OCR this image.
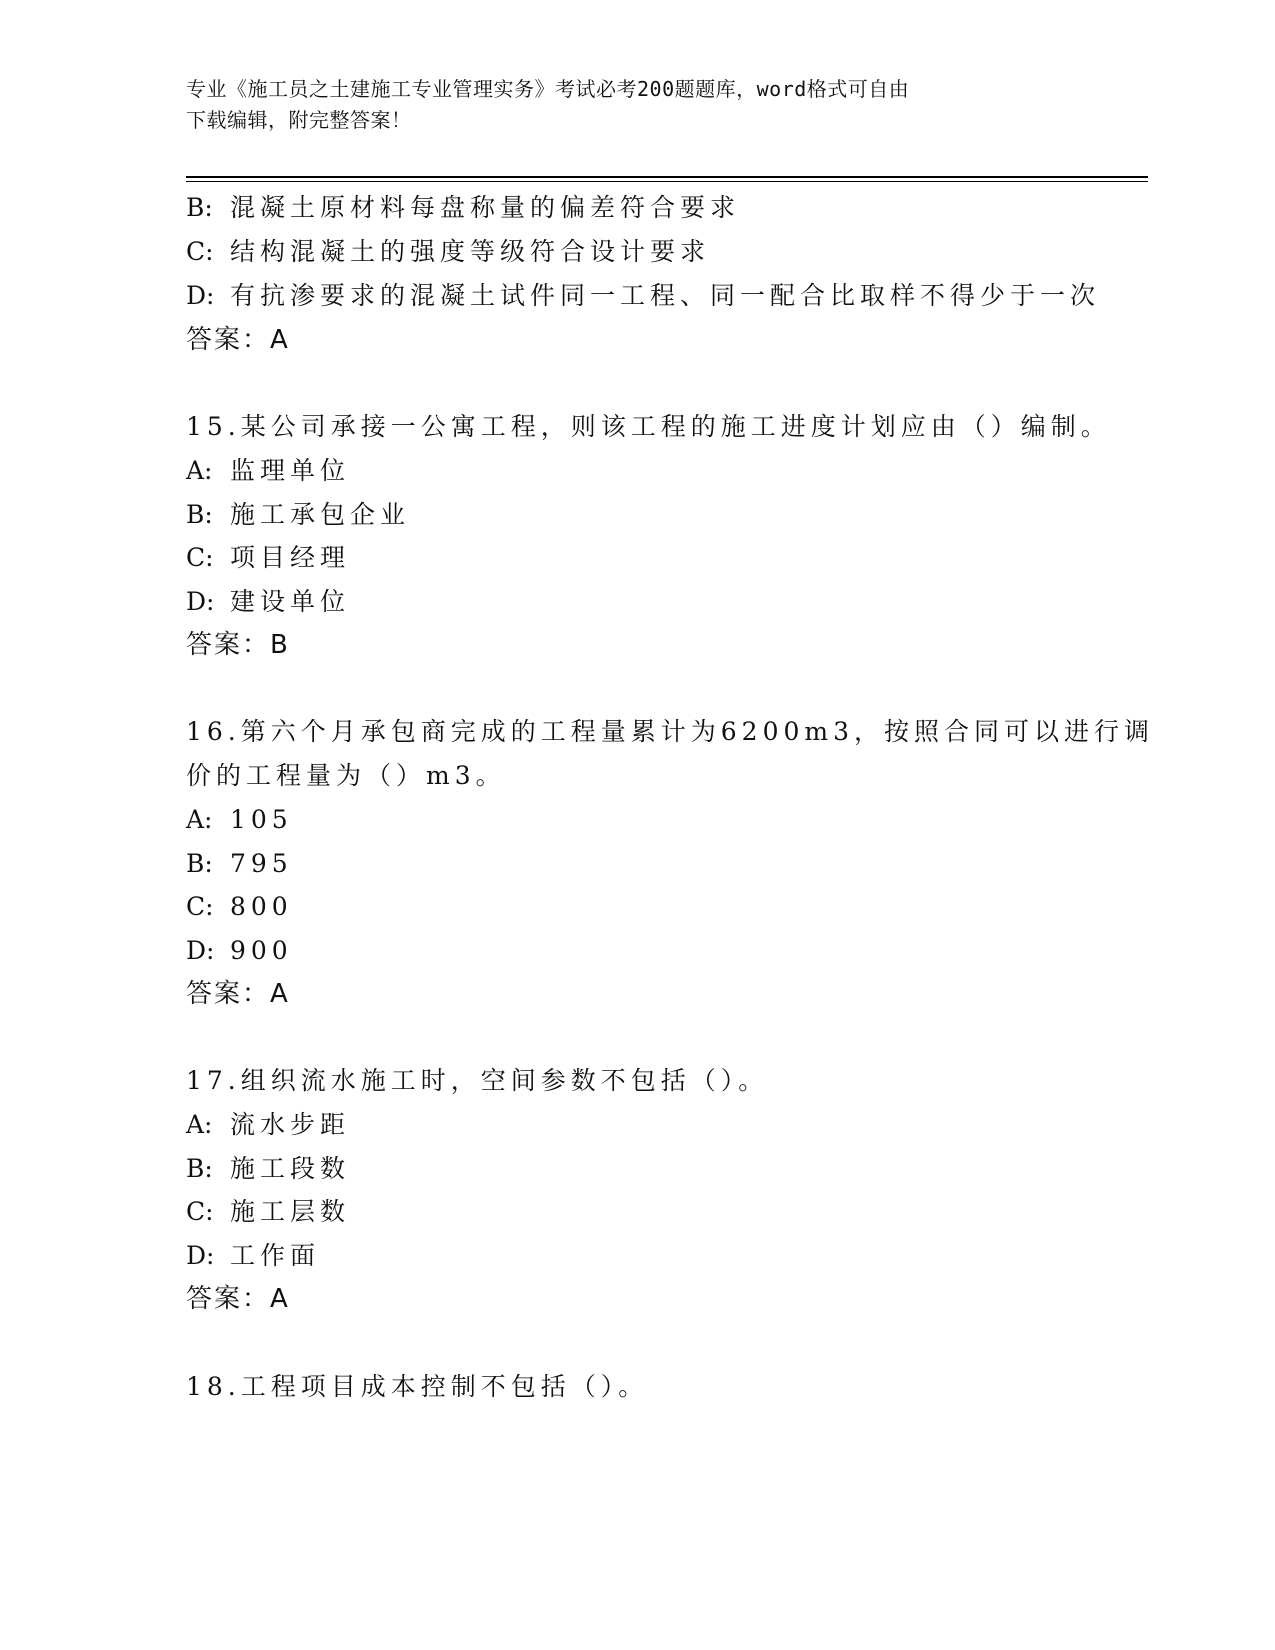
专业《施工员之土建施工专业管理实务》考试必考200题题库，word格式可自由
下载编辑，附完整答案！
B: 混凝土原材料每盘称量的偏差符合要求
C: 结构混凝土的强度等级符合设计要求
D: 有抗渗要求的混凝土试件同一工程、同一配合比取样不得少于一次
答案：A
15.某公司承接一公寓工程，则该工程的施工进度计划应由（）编制。
A: 监理单位
B: 施工承包企业
C: 项目经理
D: 建设单位
答案：B
16.第六个月承包商完成的工程量累计为6200m3，按照合同可以进行调
价的工程量为（）m3。
A: 105
B: 795
C: 800
D: 900
答案：A
17.组织流水施工时，空间参数不包括（）。
A: 流水步距
B: 施工段数
C: 施工层数
D: 工作面
答案：A
18.工程项目成本控制不包括（）。
